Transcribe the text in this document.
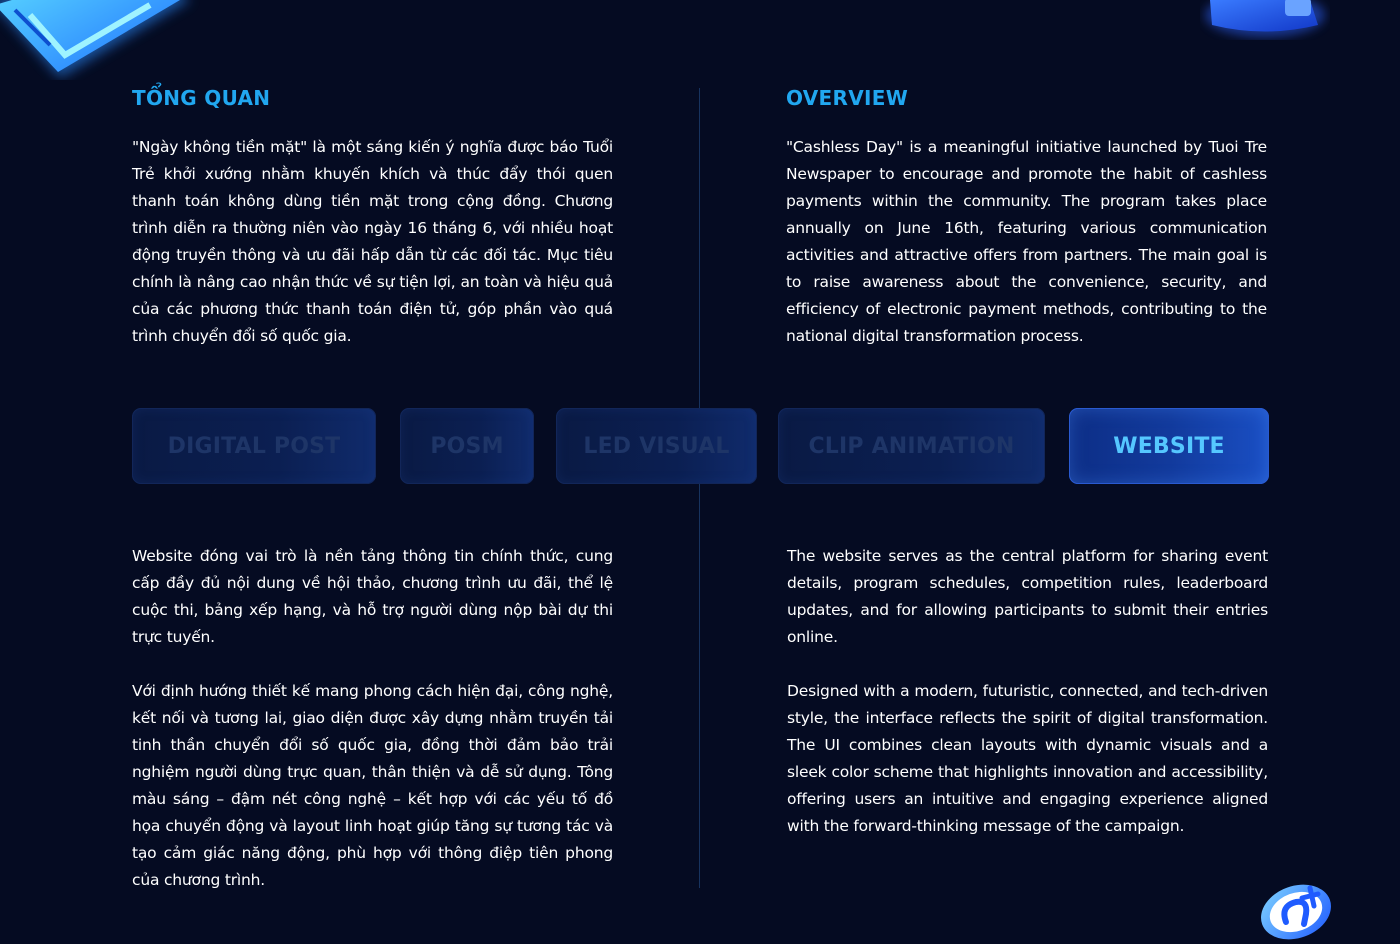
TỔNG QUAN	OVERVIEW

"Ngày không tiền mặt" là một sáng kiến ý nghĩa được báo Tuổi Trẻ khởi xướng nhằm khuyến khích và thúc đẩy thói quen thanh toán không dùng tiền mặt trong cộng đồng. Chương trình diễn ra thường niên vào ngày 16 tháng 6, với nhiều hoạt động truyền thông và ưu đãi hấp dẫn từ các đối tác. Mục tiêu chính là nâng cao nhận thức về sự tiện lợi, an toàn và hiệu quả của các phương thức thanh toán điện tử, góp phần vào quá trình chuyển đổi số quốc gia.

"Cashless Day" is a meaningful initiative launched by Tuoi Tre Newspaper to encourage and promote the habit of cashless payments within the community. The program takes place annually on June 16th, featuring various communication activities and attractive offers from partners. The main goal is to raise awareness about the convenience, security, and efficiency of electronic payment methods, contributing to the national digital transformation process.

DIGITAL POST	POSM	LED VISUAL	CLIP ANIMATION	WEBSITE

Website đóng vai trò là nền tảng thông tin chính thức, cung cấp đầy đủ nội dung về hội thảo, chương trình ưu đãi, thể lệ cuộc thi, bảng xếp hạng, và hỗ trợ người dùng nộp bài dự thi trực tuyến.

The website serves as the central platform for sharing event details, program schedules, competition rules, leaderboard updates, and for allowing participants to submit their entries online.

Với định hướng thiết kế mang phong cách hiện đại, công nghệ, kết nối và tương lai, giao diện được xây dựng nhằm truyền tải tinh thần chuyển đổi số quốc gia, đồng thời đảm bảo trải nghiệm người dùng trực quan, thân thiện và dễ sử dụng. Tông màu sáng – đậm nét công nghệ – kết hợp với các yếu tố đồ họa chuyển động và layout linh hoạt giúp tăng sự tương tác và tạo cảm giác năng động, phù hợp với thông điệp tiên phong của chương trình.

Designed with a modern, futuristic, connected, and tech-driven style, the interface reflects the spirit of digital transformation. The UI combines clean layouts with dynamic visuals and a sleek color scheme that highlights innovation and accessibility, offering users an intuitive and engaging experience aligned with the forward-thinking message of the campaign.
